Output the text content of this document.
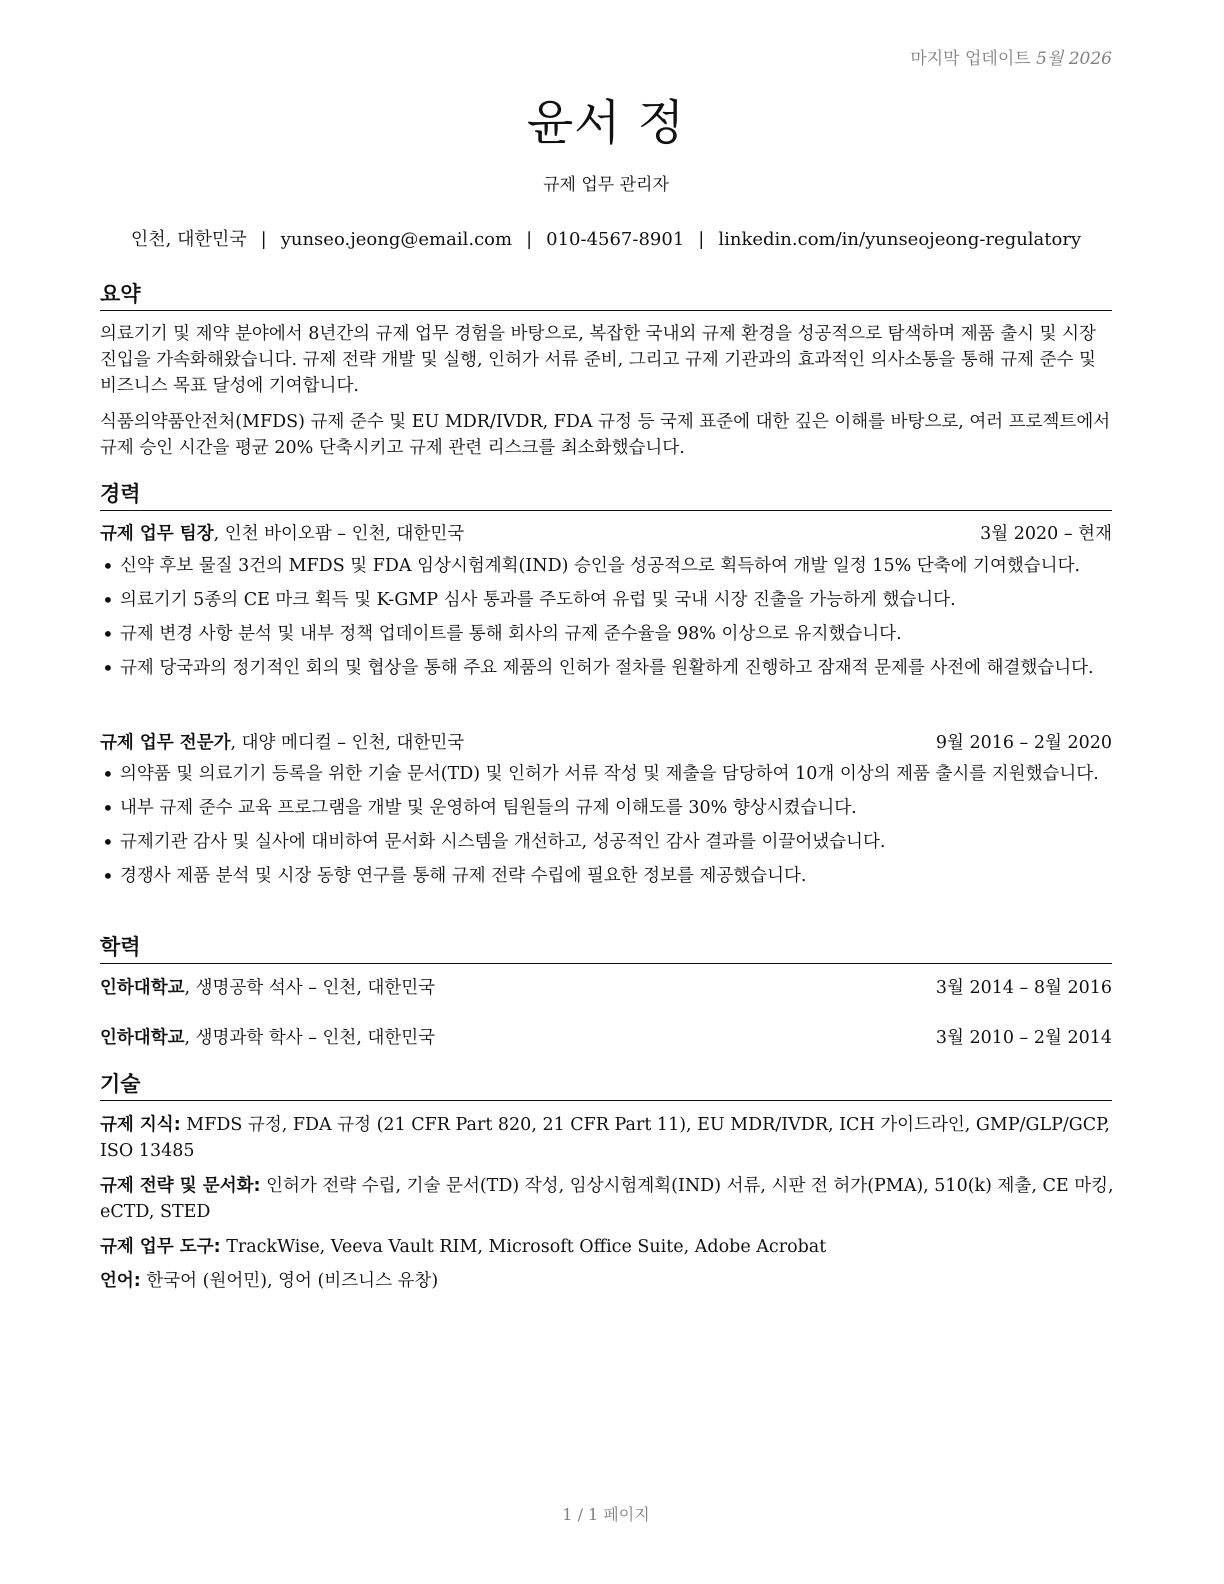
마지막 업데이트 5월 2026
윤서 정
규제 업무 관리자
인천, 대한민국 | yunseo.jeong@email.com | 010-4567-8901 | linkedin.com/in/yunseojeong-regulatory
요약
의료기기 및 제약 분야에서 8년간의 규제 업무 경험을 바탕으로, 복잡한 국내외 규제 환경을 성공적으로 탐색하며 제품 출시 및 시장 진입을 가속화해왔습니다. 규제 전략 개발 및 실행, 인허가 서류 준비, 그리고 규제 기관과의 효과적인 의사소통을 통해 규제 준수 및 비즈니스 목표 달성에 기여합니다.
식품의약품안전처(MFDS) 규제 준수 및 EU MDR/IVDR, FDA 규정 등 국제 표준에 대한 깊은 이해를 바탕으로, 여러 프로젝트에서 규제 승인 시간을 평균 20% 단축시키고 규제 관련 리스크를 최소화했습니다.
경력
규제 업무 팀장, 인천 바이오팜 – 인천, 대한민국	3월 2020 – 현재
• 신약 후보 물질 3건의 MFDS 및 FDA 임상시험계획(IND) 승인을 성공적으로 획득하여 개발 일정 15% 단축에 기여했습니다.
• 의료기기 5종의 CE 마크 획득 및 K-GMP 심사 통과를 주도하여 유럽 및 국내 시장 진출을 가능하게 했습니다.
• 규제 변경 사항 분석 및 내부 정책 업데이트를 통해 회사의 규제 준수율을 98% 이상으로 유지했습니다.
• 규제 당국과의 정기적인 회의 및 협상을 통해 주요 제품의 인허가 절차를 원활하게 진행하고 잠재적 문제를 사전에 해결했습니다.
규제 업무 전문가, 대양 메디컬 – 인천, 대한민국	9월 2016 – 2월 2020
• 의약품 및 의료기기 등록을 위한 기술 문서(TD) 및 인허가 서류 작성 및 제출을 담당하여 10개 이상의 제품 출시를 지원했습니다.
• 내부 규제 준수 교육 프로그램을 개발 및 운영하여 팀원들의 규제 이해도를 30% 향상시켰습니다.
• 규제기관 감사 및 실사에 대비하여 문서화 시스템을 개선하고, 성공적인 감사 결과를 이끌어냈습니다.
• 경쟁사 제품 분석 및 시장 동향 연구를 통해 규제 전략 수립에 필요한 정보를 제공했습니다.
학력
인하대학교, 생명공학 석사 – 인천, 대한민국	3월 2014 – 8월 2016
인하대학교, 생명과학 학사 – 인천, 대한민국	3월 2010 – 2월 2014
기술
규제 지식: MFDS 규정, FDA 규정 (21 CFR Part 820, 21 CFR Part 11), EU MDR/IVDR, ICH 가이드라인, GMP/GLP/GCP, ISO 13485
규제 전략 및 문서화: 인허가 전략 수립, 기술 문서(TD) 작성, 임상시험계획(IND) 서류, 시판 전 허가(PMA), 510(k) 제출, CE 마킹, eCTD, STED
규제 업무 도구: TrackWise, Veeva Vault RIM, Microsoft Office Suite, Adobe Acrobat
언어: 한국어 (원어민), 영어 (비즈니스 유창)
1 / 1 페이지
